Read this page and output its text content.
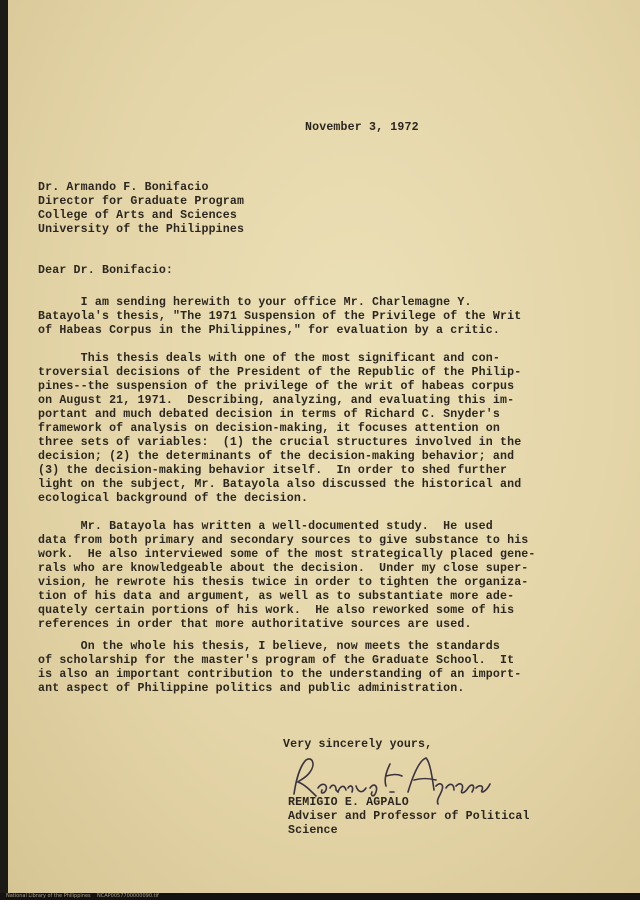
November 3, 1972
Dr. Armando F. Bonifacio
Director for Graduate Program
College of Arts and Sciences
University of the Philippines
Dear Dr. Bonifacio:
I am sending herewith to your office Mr. Charlemagne Y.
Batayola's thesis, "The 1971 Suspension of the Privilege of the Writ
of Habeas Corpus in the Philippines," for evaluation by a critic.
This thesis deals with one of the most significant and con-
troversial decisions of the President of the Republic of the Philip-
pines--the suspension of the privilege of the writ of habeas corpus
on August 21, 1971.  Describing, analyzing, and evaluating this im-
portant and much debated decision in terms of Richard C. Snyder's
framework of analysis on decision-making, it focuses attention on
three sets of variables:  (1) the crucial structures involved in the
decision; (2) the determinants of the decision-making behavior; and
(3) the decision-making behavior itself.  In order to shed further
light on the subject, Mr. Batayola also discussed the historical and
ecological background of the decision.
Mr. Batayola has written a well-documented study.  He used
data from both primary and secondary sources to give substance to his
work.  He also interviewed some of the most strategically placed gene-
rals who are knowledgeable about the decision.  Under my close super-
vision, he rewrote his thesis twice in order to tighten the organiza-
tion of his data and argument, as well as to substantiate more ade-
quately certain portions of his work.  He also reworked some of his
references in order that more authoritative sources are used.
On the whole his thesis, I believe, now meets the standards
of scholarship for the master's program of the Graduate School.  It
is also an important contribution to the understanding of an import-
ant aspect of Philippine politics and public administration.
Very sincerely yours,
REMIGIO E. AGPALO
Adviser and Professor of Political
Science
National Library of the Philippines    NCAP0057700000090.tif
